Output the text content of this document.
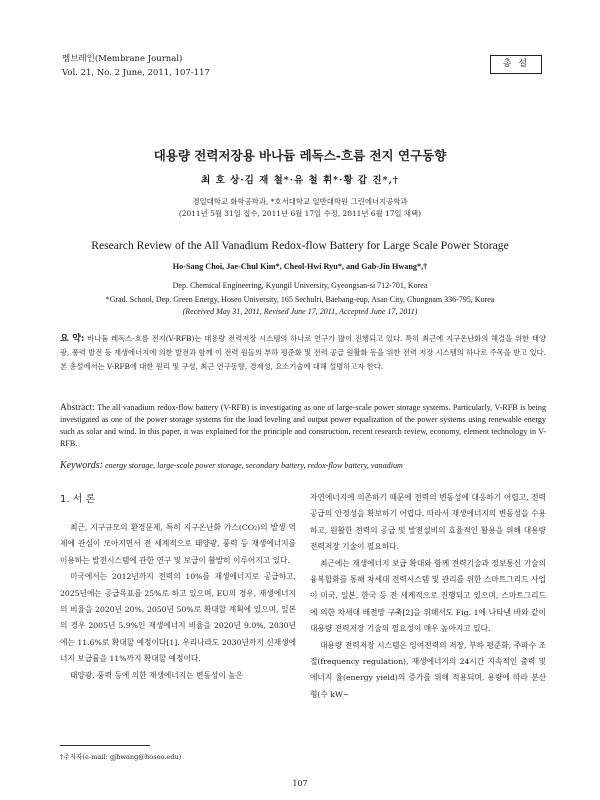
멤브레인(Membrane Journal)
Vol. 21, No. 2 June, 2011, 107-117
총 설
대용량 전력저장용 바나듐 레독스-흐름 전지 연구동향
최 호 상·김 재 철*·유 철 휘*·황 갑 진*,†
경일대학교 화학공학과, *호서대학교 일반대학원 그린에너지공학과
(2011년 5월 31일 접수, 2011년 6월 17일 수정, 2011년 6월 17일 채택)
Research Review of the All Vanadium Redox-flow Battery for Large Scale Power Storage
Ho-Sang Choi, Jae-Chul Kim*, Cheol-Hwi Ryu*, and Gab-Jin Hwang*,†
Dep. Chemical Engineering, Kyungil University, Gyeongsan-si 712-701, Korea
*Grad. School, Dep. Green Energy, Hoseo University, 165 Sechulri, Baebang-eup, Asan City, Chungnam 336-795, Korea
(Received May 31, 2011, Revised June 17, 2011, Accepted June 17, 2011)
요 약: 바나듐 레독스-흐름 전지(V-RFB)는 대용량 전력저장 시스템의 하나로 연구가 많이 진행되고 있다. 특히 최근에 지구온난화의 해결을 위한 태양광, 풍력 발전 등 재생에너지에 의한 발전과 함께 이 전력 원들의 부하 평준화 및 전력 공급 원활화 등을 위한 전력 저장 시스템의 하나로 주목을 받고 있다. 본 총설에서는 V-RFB에 대한 원리 및 구성, 최근 연구동향, 경제성, 요소기술에 대해 설명하고자 한다.
Abstract: The all vanadium redox-flow battery (V-RFB) is investigating as one of large-scale power storage systems. Particularly, V-RFB is being investigated as one of the power storage systems for the load leveling and output power equalization of the power systems using renewable energy such as solar and wind. In this paper, it was explained for the principle and construction, recent research review, economy, element technology in V-RFB.
Keywords: energy storage, large-scale power storage, secondary battery, redox-flow battery, vanadium
1. 서 론

최근, 지구규모의 환경문제, 특히 지구온난화 가스(CO₂)의 발생 억제에 관심이 모아지면서 전 세계적으로 태양광, 풍력 등 재생에너지를 이용하는 발전시스템에 관한 연구 및 보급이 활발히 이루어지고 있다.

미국에서는 2012년까지 전력의 10%를 재생에너지로 공급하고, 2025년에는 공급목표를 25%로 하고 있으며, EU의 경우, 재생에너지의 비율을 2020년 20%, 2050년 50%로 확대할 계획에 있으며, 일본의 경우 2005년 5.9%인 재생에너지 비율을 2020년 9.0%, 2030년에는 11.6%로 확대할 예정이다[1]. 우리나라도 2030년까지 신재생에너지 보급률을 11%까지 확대할 예정이다.

태양광, 풍력 등에 의한 재생에너지는 변동성이 높은

자연에너지에 의존하기 때문에 전력의 변동성에 대응하기 어렵고, 전력 공급의 안정성을 확보하기 어렵다. 따라서 재생에너지의 변동성을 수용하고, 원활한 전력의 공급 및 발전설비의 효율적인 활용을 위해 대용량 전력저장 기술이 필요하다.

최근에는 재생에너지 보급 확대와 함께 전력기술과 정보통신 기술의 융복합화를 통해 차세대 전력시스템 및 관리를 위한 스마트그리드 사업이 미국, 일본, 한국 등 전 세계적으로 진행되고 있으며, 스마트그리드에 의한 차세대 배전망 구축[2]을 위해서도 Fig. 1에 나타낸 바와 같이 대용량 전력저장 기술의 필요성이 매우 높아지고 있다.

대용량 전력저장 시스템은 잉여전력의 저장, 부하 평준화, 주파수 조절(frequency regulation), 재생에너지의 24시간 지속적인 출력 및 에너지 율(energy yield)의 증가를 위해 적용되며, 용량에 따라 분산형(수 kW∼

†주저자(e-mail: gjhwang@hoseo.edu)
107
